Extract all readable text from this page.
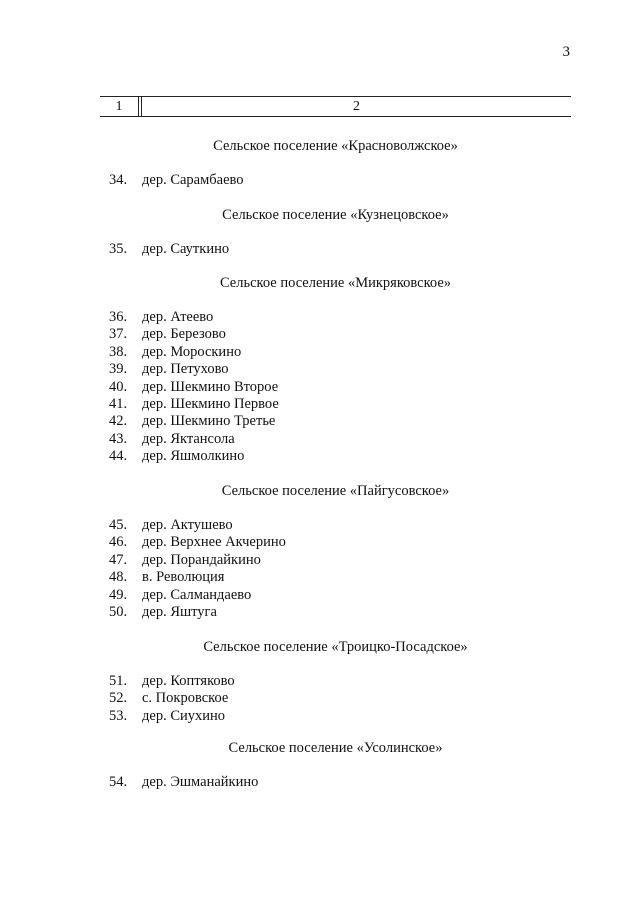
3
1	2
Сельское поселение «Красноволжское»
34. дер. Сарамбаево
Сельское поселение «Кузнецовское»
35. дер. Сауткино
Сельское поселение «Микряковское»
36. дер. Атеево
37. дер. Березово
38. дер. Мороскино
39. дер. Петухово
40. дер. Шекмино Второе
41. дер. Шекмино Первое
42. дер. Шекмино Третье
43. дер. Яктансола
44. дер. Яшмолкино
Сельское поселение «Пайгусовское»
45. дер. Актушево
46. дер. Верхнее Акчерино
47. дер. Порандайкино
48. в. Революция
49. дер. Салмандаево
50. дер. Яштуга
Сельское поселение «Троицко-Посадское»
51. дер. Коптяково
52. с. Покровское
53. дер. Сиухино
Сельское поселение «Усолинское»
54. дер. Эшманайкино
